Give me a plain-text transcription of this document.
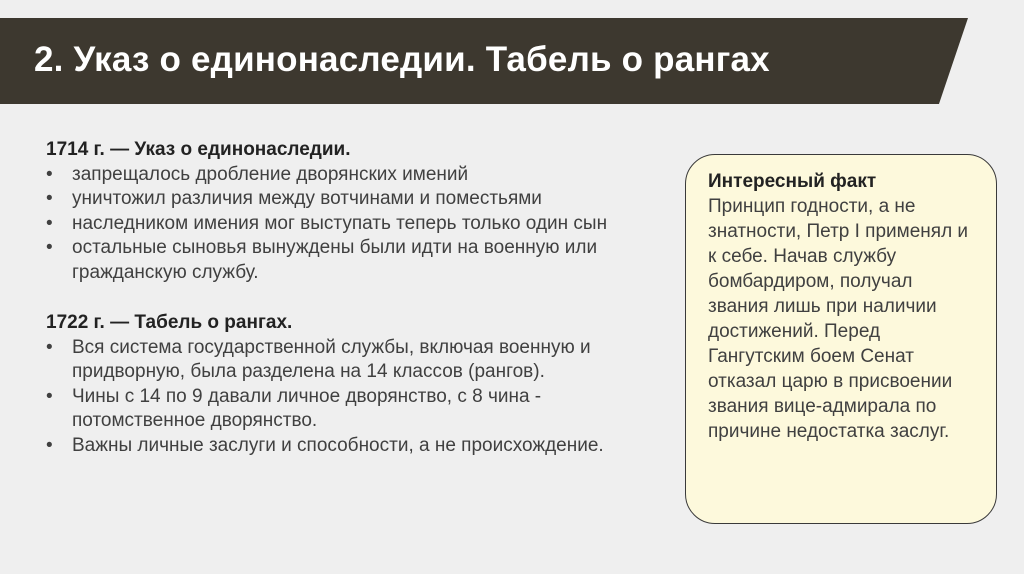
2. Указ о единонаследии. Табель о рангах

1714 г. — Указ о единонаследии.

• запрещалось дробление дворянских имений
• уничтожил различия между вотчинами и поместьями
• наследником имения мог выступать теперь только один сын
• остальные сыновья вынуждены были идти на военную или гражданскую службу.

1722 г. — Табель о рангах.

• Вся система государственной службы, включая военную и придворную, была разделена на 14 классов (рангов).
• Чины с 14 по 9 давали личное дворянство, с 8 чина - потомственное дворянство.
• Важны личные заслуги и способности, а не происхождение.
Интересный факт
Принцип годности, а не знатности, Петр I применял и к себе. Начав службу бомбардиром, получал звания лишь при наличии достижений. Перед Гангутским боем Сенат отказал царю в присвоении звания вице-адмирала по причине недостатка заслуг.
